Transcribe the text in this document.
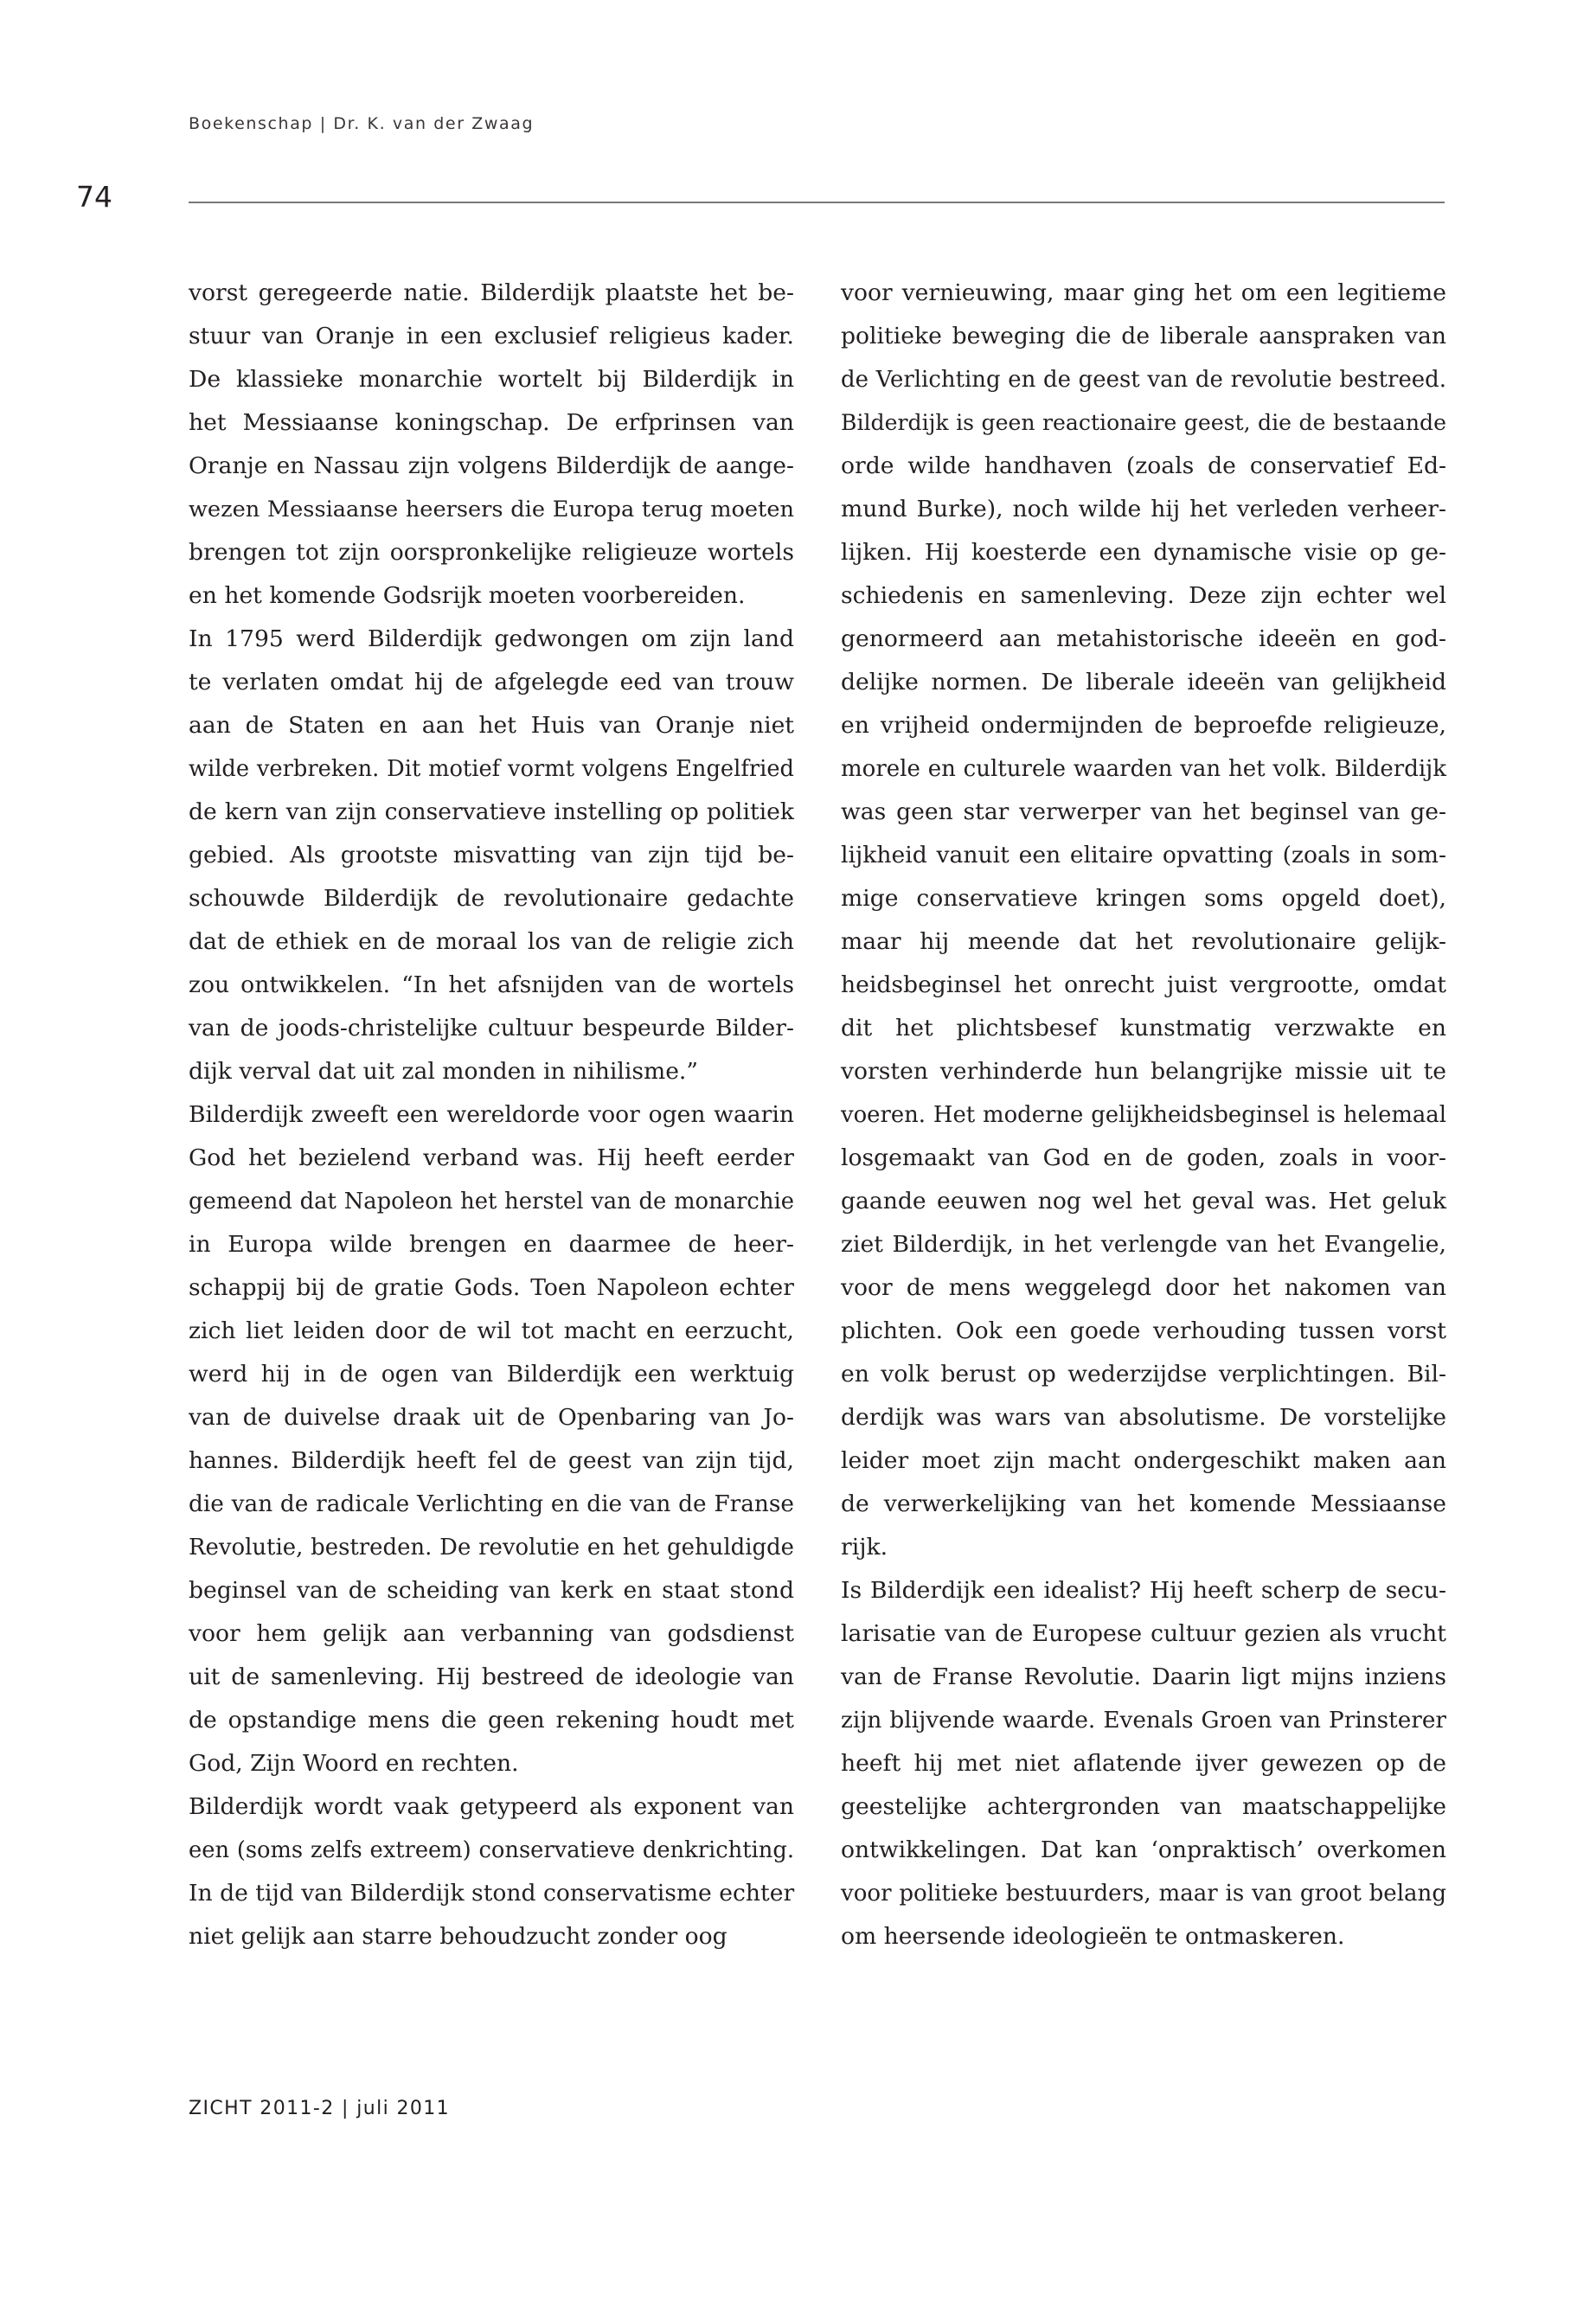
Boekenschap | Dr. K. van der Zwaag
74

vorst geregeerde natie. Bilderdijk plaatste het be-
stuur van Oranje in een exclusief religieus kader.
De klassieke monarchie wortelt bij Bilderdijk in
het Messiaanse koningschap. De erfprinsen van
Oranje en Nassau zijn volgens Bilderdijk de aange-
wezen Messiaanse heersers die Europa terug moeten
brengen tot zijn oorspronkelijke religieuze wortels
en het komende Godsrijk moeten voorbereiden.

In 1795 werd Bilderdijk gedwongen om zijn land
te verlaten omdat hij de afgelegde eed van trouw
aan de Staten en aan het Huis van Oranje niet
wilde verbreken. Dit motief vormt volgens Engelfried
de kern van zijn conservatieve instelling op politiek
gebied. Als grootste misvatting van zijn tijd be-
schouwde Bilderdijk de revolutionaire gedachte
dat de ethiek en de moraal los van de religie zich
zou ontwikkelen. “In het afsnijden van de wortels
van de joods-christelijke cultuur bespeurde Bilder-
dijk verval dat uit zal monden in nihilisme.”

Bilderdijk zweeft een wereldorde voor ogen waarin
God het bezielend verband was. Hij heeft eerder
gemeend dat Napoleon het herstel van de monarchie
in Europa wilde brengen en daarmee de heer-
schappij bij de gratie Gods. Toen Napoleon echter
zich liet leiden door de wil tot macht en eerzucht,
werd hij in de ogen van Bilderdijk een werktuig
van de duivelse draak uit de Openbaring van Jo-
hannes. Bilderdijk heeft fel de geest van zijn tijd,
die van de radicale Verlichting en die van de Franse
Revolutie, bestreden. De revolutie en het gehuldigde
beginsel van de scheiding van kerk en staat stond
voor hem gelijk aan verbanning van godsdienst
uit de samenleving. Hij bestreed de ideologie van
de opstandige mens die geen rekening houdt met
God, Zijn Woord en rechten.

Bilderdijk wordt vaak getypeerd als exponent van
een (soms zelfs extreem) conservatieve denkrichting.
In de tijd van Bilderdijk stond conservatisme echter
niet gelijk aan starre behoudzucht zonder oog

voor vernieuwing, maar ging het om een legitieme
politieke beweging die de liberale aanspraken van
de Verlichting en de geest van de revolutie bestreed.
Bilderdijk is geen reactionaire geest, die de bestaande
orde wilde handhaven (zoals de conservatief Ed-
mund Burke), noch wilde hij het verleden verheer-
lijken. Hij koesterde een dynamische visie op ge-
schiedenis en samenleving. Deze zijn echter wel
genormeerd aan metahistorische ideeën en god-
delijke normen. De liberale ideeën van gelijkheid
en vrijheid ondermijnden de beproefde religieuze,
morele en culturele waarden van het volk. Bilderdijk
was geen star verwerper van het beginsel van ge-
lijkheid vanuit een elitaire opvatting (zoals in som-
mige conservatieve kringen soms opgeld doet),
maar hij meende dat het revolutionaire gelijk-
heidsbeginsel het onrecht juist vergrootte, omdat
dit het plichtsbesef kunstmatig verzwakte en
vorsten verhinderde hun belangrijke missie uit te
voeren. Het moderne gelijkheidsbeginsel is helemaal
losgemaakt van God en de goden, zoals in voor-
gaande eeuwen nog wel het geval was. Het geluk
ziet Bilderdijk, in het verlengde van het Evangelie,
voor de mens weggelegd door het nakomen van
plichten. Ook een goede verhouding tussen vorst
en volk berust op wederzijdse verplichtingen. Bil-
derdijk was wars van absolutisme. De vorstelijke
leider moet zijn macht ondergeschikt maken aan
de verwerkelijking van het komende Messiaanse
rijk.

Is Bilderdijk een idealist? Hij heeft scherp de secu-
larisatie van de Europese cultuur gezien als vrucht
van de Franse Revolutie. Daarin ligt mijns inziens
zijn blijvende waarde. Evenals Groen van Prinsterer
heeft hij met niet aflatende ijver gewezen op de
geestelijke achtergronden van maatschappelijke
ontwikkelingen. Dat kan ‘onpraktisch’ overkomen
voor politieke bestuurders, maar is van groot belang
om heersende ideologieën te ontmaskeren.

ZICHT 2011-2 | juli 2011
